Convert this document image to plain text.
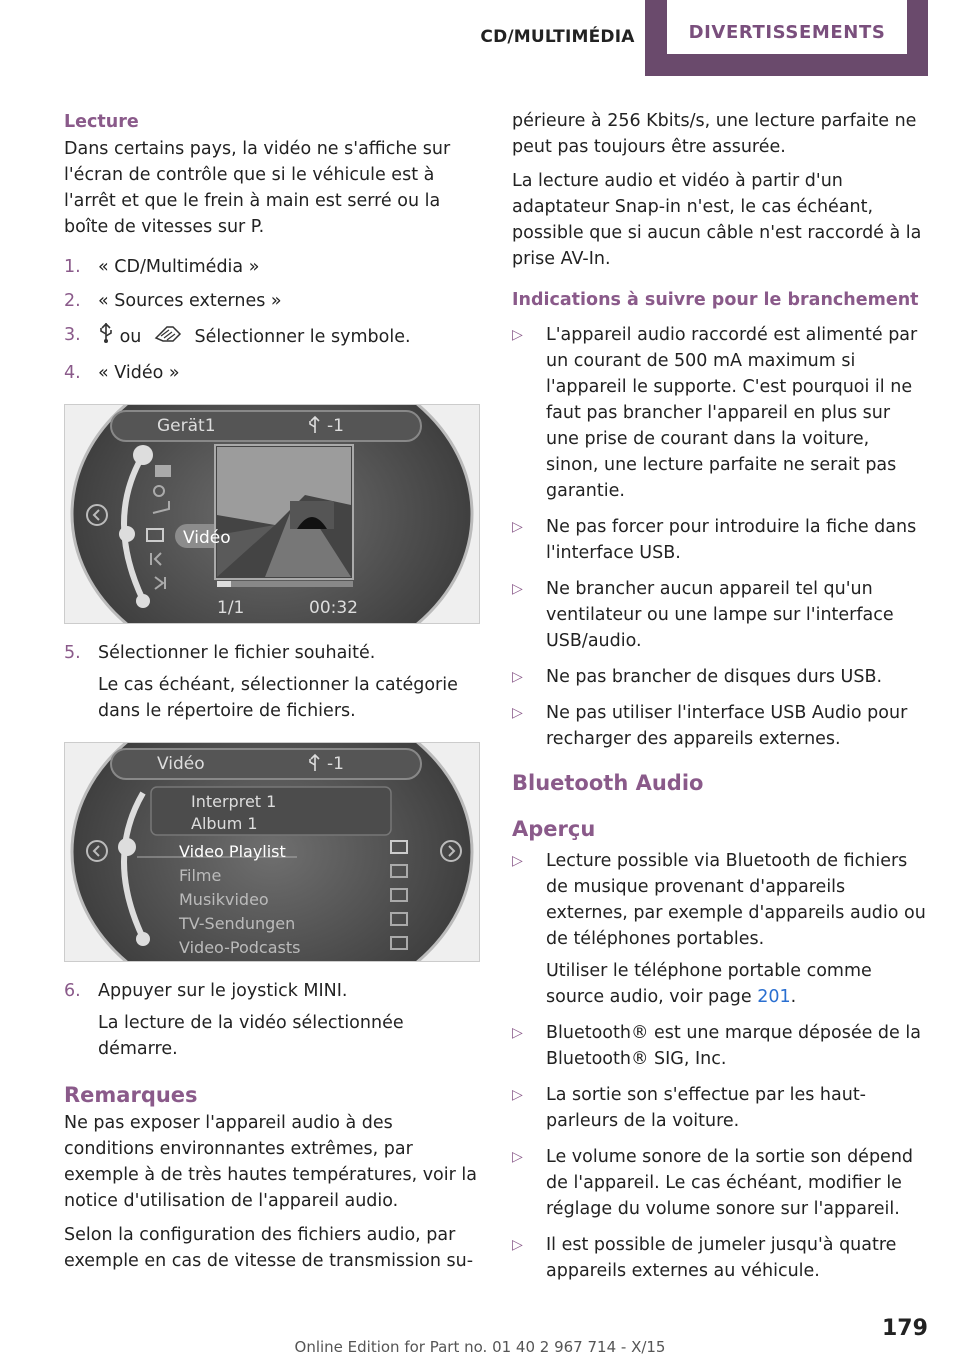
CD/MULTIMÉDIA	DIVERTISSEMENTS
Lecture

Dans certains pays, la vidéo ne s'affiche sur l'écran de contrôle que si le véhicule est à l'arrêt et que le frein à main est serré ou la boîte de vitesses sur P.

1. « CD/Multimédia »
2. « Sources externes »
3. ou	Sélectionner le symbole.
4. « Vidéo »
Gerät1	-1
Vidéo
1/1	00:32
5. Sélectionner le fichier souhaité.
Le cas échéant, sélectionner la catégorie dans le répertoire de fichiers.
Vidéo	-1
Interpret 1
Album 1
Video Playlist
Filme
Musikvideo
TV-Sendungen
Video-Podcasts
6. Appuyer sur le joystick MINI.
La lecture de la vidéo sélectionnée démarre.
Remarques

Ne pas exposer l'appareil audio à des conditions environnantes extrêmes, par exemple à de très hautes températures, voir la notice d'utilisation de l'appareil audio.

Selon la configuration des fichiers audio, par exemple en cas de vitesse de transmission su-

périeure à 256 Kbits/s, une lecture parfaite ne peut pas toujours être assurée.

La lecture audio et vidéo à partir d'un adaptateur Snap-in n'est, le cas échéant, possible que si aucun câble n'est raccordé à la prise AV-In.

Indications à suivre pour le branchement
▷ L'appareil audio raccordé est alimenté par un courant de 500 mA maximum si l'appareil le supporte. C'est pourquoi il ne faut pas brancher l'appareil en plus sur une prise de courant dans la voiture, sinon, une lecture parfaite ne serait pas garantie.
▷ Ne pas forcer pour introduire la fiche dans l'interface USB.
▷ Ne brancher aucun appareil tel qu'un ventilateur ou une lampe sur l'interface USB/audio.
▷ Ne pas brancher de disques durs USB.
▷ Ne pas utiliser l'interface USB Audio pour recharger des appareils externes.
Bluetooth Audio
Aperçu
▷ Lecture possible via Bluetooth de fichiers de musique provenant d'appareils externes, par exemple d'appareils audio ou de téléphones portables.
Utiliser le téléphone portable comme source audio, voir page 201.
▷ Bluetooth® est une marque déposée de la Bluetooth® SIG, Inc.
▷ La sortie son s'effectue par les haut-parleurs de la voiture.
▷ Le volume sonore de la sortie son dépend de l'appareil. Le cas échéant, modifier le réglage du volume sonore sur l'appareil.
▷ Il est possible de jumeler jusqu'à quatre appareils externes au véhicule.
179
Online Edition for Part no. 01 40 2 967 714 - X/15
